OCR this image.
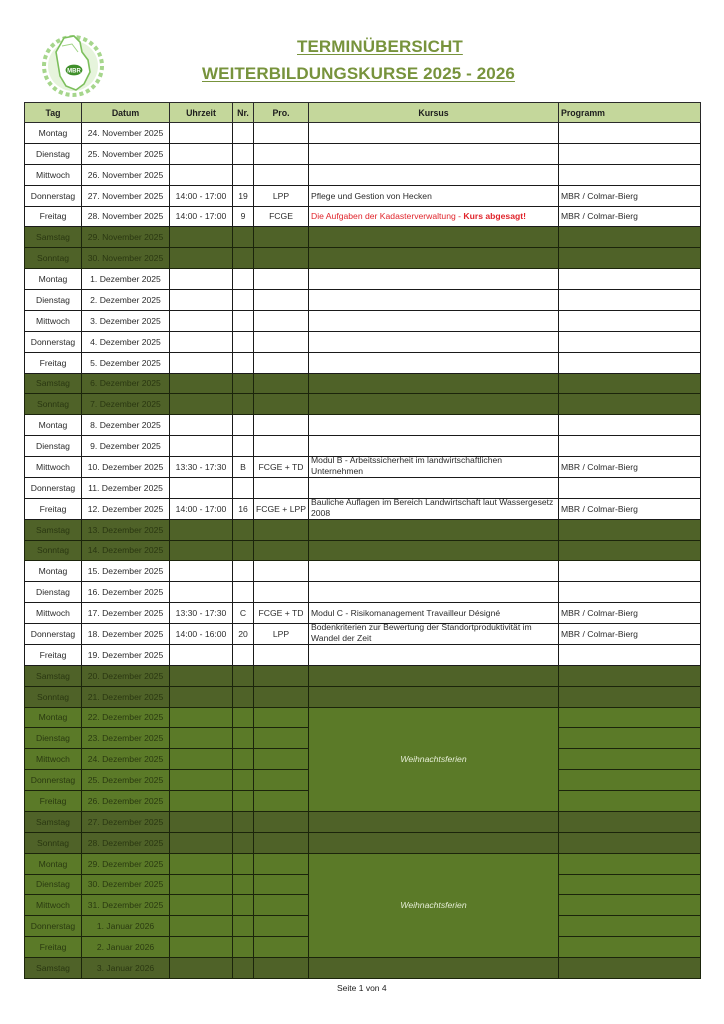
MBR
TERMINÜBERSICHT
WEITERBILDUNGSKURSE 2025 - 2026
Tag	Datum	Uhrzeit	Nr.	Pro.	Kursus	Programm
Montag	24. November 2025					
Dienstag	25. November 2025					
Mittwoch	26. November 2025					
Donnerstag	27. November 2025	14:00 - 17:00	19	LPP	Pflege und Gestion von Hecken	MBR / Colmar-Bierg
Freitag	28. November 2025	14:00 - 17:00	9	FCGE	Die Aufgaben der Kadasterverwaltung - Kurs abgesagt!	MBR / Colmar-Bierg
Samstag	29. November 2025					
Sonntag	30. November 2025					
Montag	1. Dezember 2025					
Dienstag	2. Dezember 2025					
Mittwoch	3. Dezember 2025					
Donnerstag	4. Dezember 2025					
Freitag	5. Dezember 2025					
Samstag	6. Dezember 2025					
Sonntag	7. Dezember 2025					
Montag	8. Dezember 2025					
Dienstag	9. Dezember 2025					
Mittwoch	10. Dezember 2025	13:30 - 17:30	B	FCGE + TD	Modul B - Arbeitssicherheit im landwirtschaftlichen Unternehmen	MBR / Colmar-Bierg
Donnerstag	11. Dezember 2025					
Freitag	12. Dezember 2025	14:00 - 17:00	16	FCGE + LPP	Bauliche Auflagen im Bereich Landwirtschaft laut Wassergesetz 2008	MBR / Colmar-Bierg
Samstag	13. Dezember 2025					
Sonntag	14. Dezember 2025					
Montag	15. Dezember 2025					
Dienstag	16. Dezember 2025					
Mittwoch	17. Dezember 2025	13:30 - 17:30	C	FCGE + TD	Modul C - Risikomanagement Travailleur Désigné	MBR / Colmar-Bierg
Donnerstag	18. Dezember 2025	14:00 - 16:00	20	LPP	Bodenkriterien zur Bewertung der Standortproduktivität im Wandel der Zeit	MBR / Colmar-Bierg
Freitag	19. Dezember 2025					
Samstag	20. Dezember 2025					
Sonntag	21. Dezember 2025					
Montag	22. Dezember 2025				Weihnachtsferien	
Dienstag	23. Dezember 2025					
Mittwoch	24. Dezember 2025					
Donnerstag	25. Dezember 2025					
Freitag	26. Dezember 2025					
Samstag	27. Dezember 2025					
Sonntag	28. Dezember 2025					
Montag	29. Dezember 2025				Weihnachtsferien	
Dienstag	30. Dezember 2025					
Mittwoch	31. Dezember 2025					
Donnerstag	1. Januar 2026					
Freitag	2. Januar 2026					
Samstag	3. Januar 2026					
Seite 1 von 4
